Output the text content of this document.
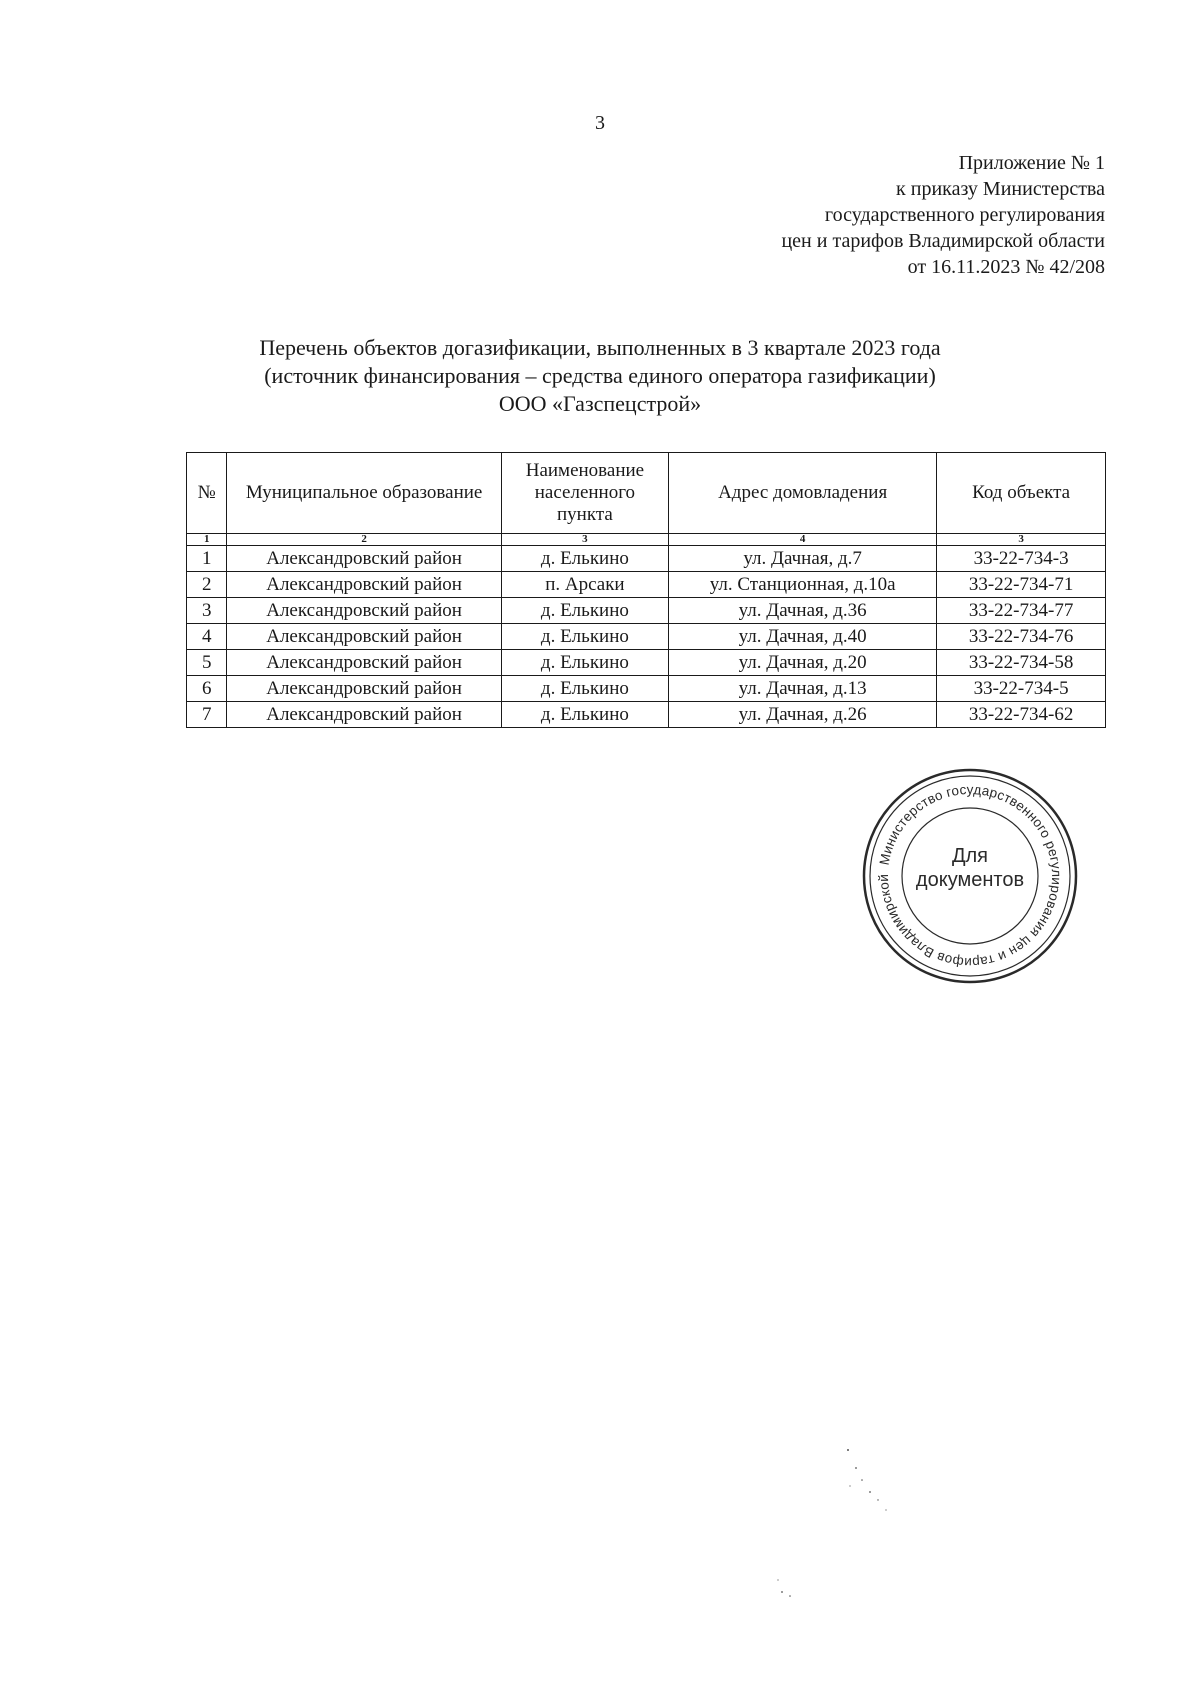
3
Приложение № 1
к приказу Министерства
государственного регулирования
цен и тарифов Владимирской области
от 16.11.2023 № 42/208
Перечень объектов догазификации, выполненных в 3 квартале 2023 года
(источник финансирования – средства единого оператора газификации)
ООО «Газспецстрой»
№	Муниципальное образование	Наименование населенного пункта	Адрес домовладения	Код объекта
1	2	3	4	3
1	Александровский район	д. Елькино	ул. Дачная, д.7	33-22-734-3
2	Александровский район	п. Арсаки	ул. Станционная, д.10а	33-22-734-71
3	Александровский район	д. Елькино	ул. Дачная, д.36	33-22-734-77
4	Александровский район	д. Елькино	ул. Дачная, д.40	33-22-734-76
5	Александровский район	д. Елькино	ул. Дачная, д.20	33-22-734-58
6	Александровский район	д. Елькино	ул. Дачная, д.13	33-22-734-5
7	Александровский район	д. Елькино	ул. Дачная, д.26	33-22-734-62
Министерство государственного регулирования цен и тарифов Владимирской
Для
документов
